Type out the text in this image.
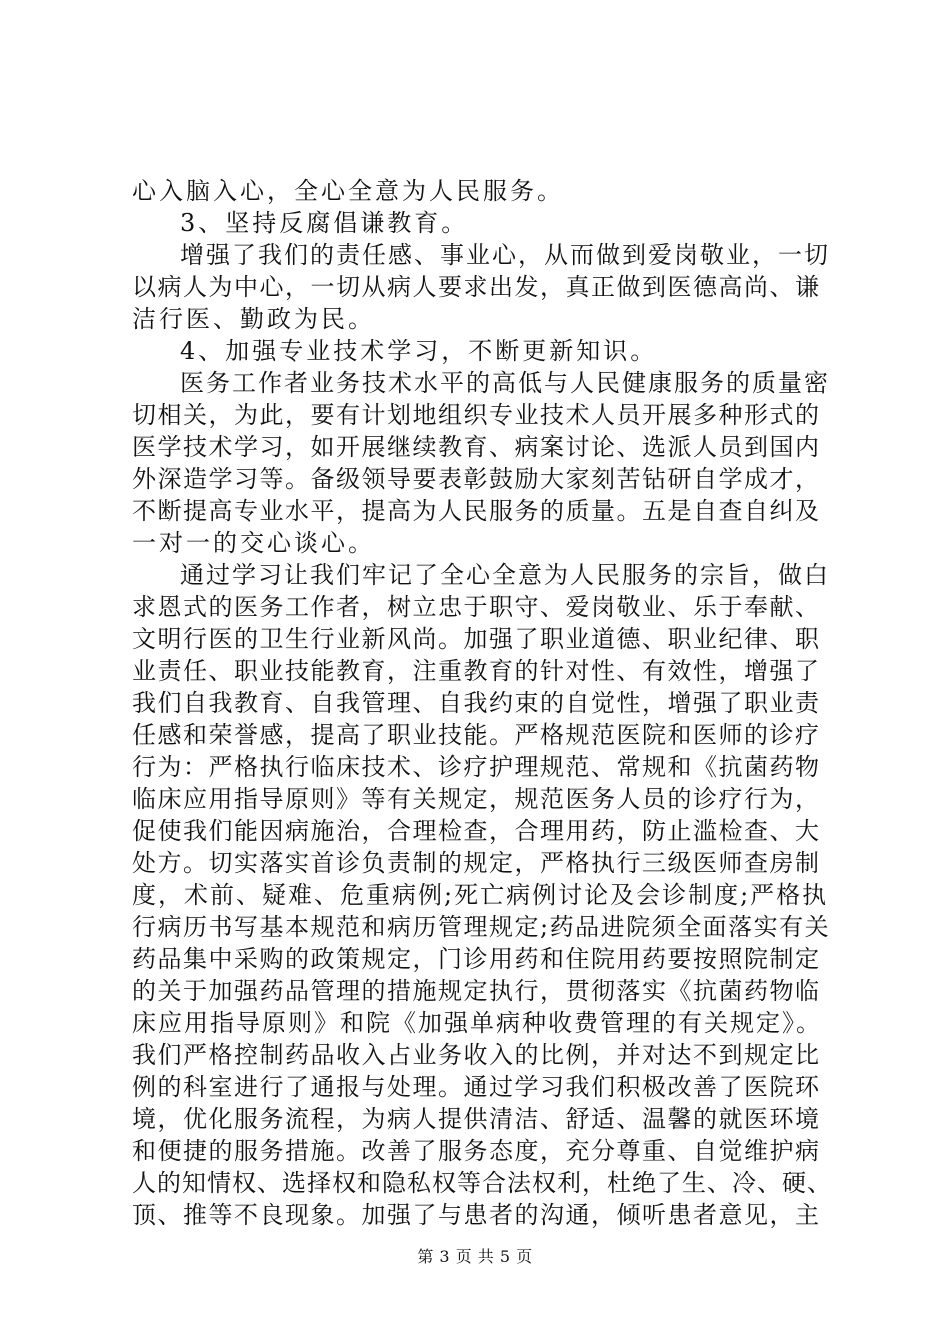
心入脑入心，全心全意为人民服务。
3、坚持反腐倡谦教育。
增强了我们的责任感、事业心，从而做到爱岗敬业，一切
以病人为中心，一切从病人要求出发，真正做到医德高尚、谦
洁行医、勤政为民。
4、加强专业技术学习，不断更新知识。
医务工作者业务技术水平的高低与人民健康服务的质量密
切相关，为此，要有计划地组织专业技术人员开展多种形式的
医学技术学习，如开展继续教育、病案讨论、选派人员到国内
外深造学习等。备级领导要表彰鼓励大家刻苦钻研自学成才，
不断提高专业水平，提高为人民服务的质量。五是自查自纠及
一对一的交心谈心。
通过学习让我们牢记了全心全意为人民服务的宗旨，做白
求恩式的医务工作者，树立忠于职守、爱岗敬业、乐于奉献、
文明行医的卫生行业新风尚。加强了职业道德、职业纪律、职
业责任、职业技能教育，注重教育的针对性、有效性，增强了
我们自我教育、自我管理、自我约束的自觉性，增强了职业责
任感和荣誉感，提高了职业技能。严格规范医院和医师的诊疗
行为：严格执行临床技术、诊疗护理规范、常规和《抗菌药物
临床应用指导原则》等有关规定，规范医务人员的诊疗行为，
促使我们能因病施治，合理检查，合理用药，防止滥检查、大
处方。切实落实首诊负责制的规定，严格执行三级医师查房制
度，术前、疑难、危重病例;死亡病例讨论及会诊制度;严格执
行病历书写基本规范和病历管理规定;药品进院须全面落实有关
药品集中采购的政策规定，门诊用药和住院用药要按照院制定
的关于加强药品管理的措施规定执行，贯彻落实《抗菌药物临
床应用指导原则》和院《加强单病种收费管理的有关规定》。
我们严格控制药品收入占业务收入的比例，并对达不到规定比
例的科室进行了通报与处理。通过学习我们积极改善了医院环
境，优化服务流程，为病人提供清洁、舒适、温馨的就医环境
和便捷的服务措施。改善了服务态度，充分尊重、自觉维护病
人的知情权、选择权和隐私权等合法权利，杜绝了生、冷、硬、
顶、推等不良现象。加强了与患者的沟通，倾听患者意见，主
第 3 页 共 5 页
